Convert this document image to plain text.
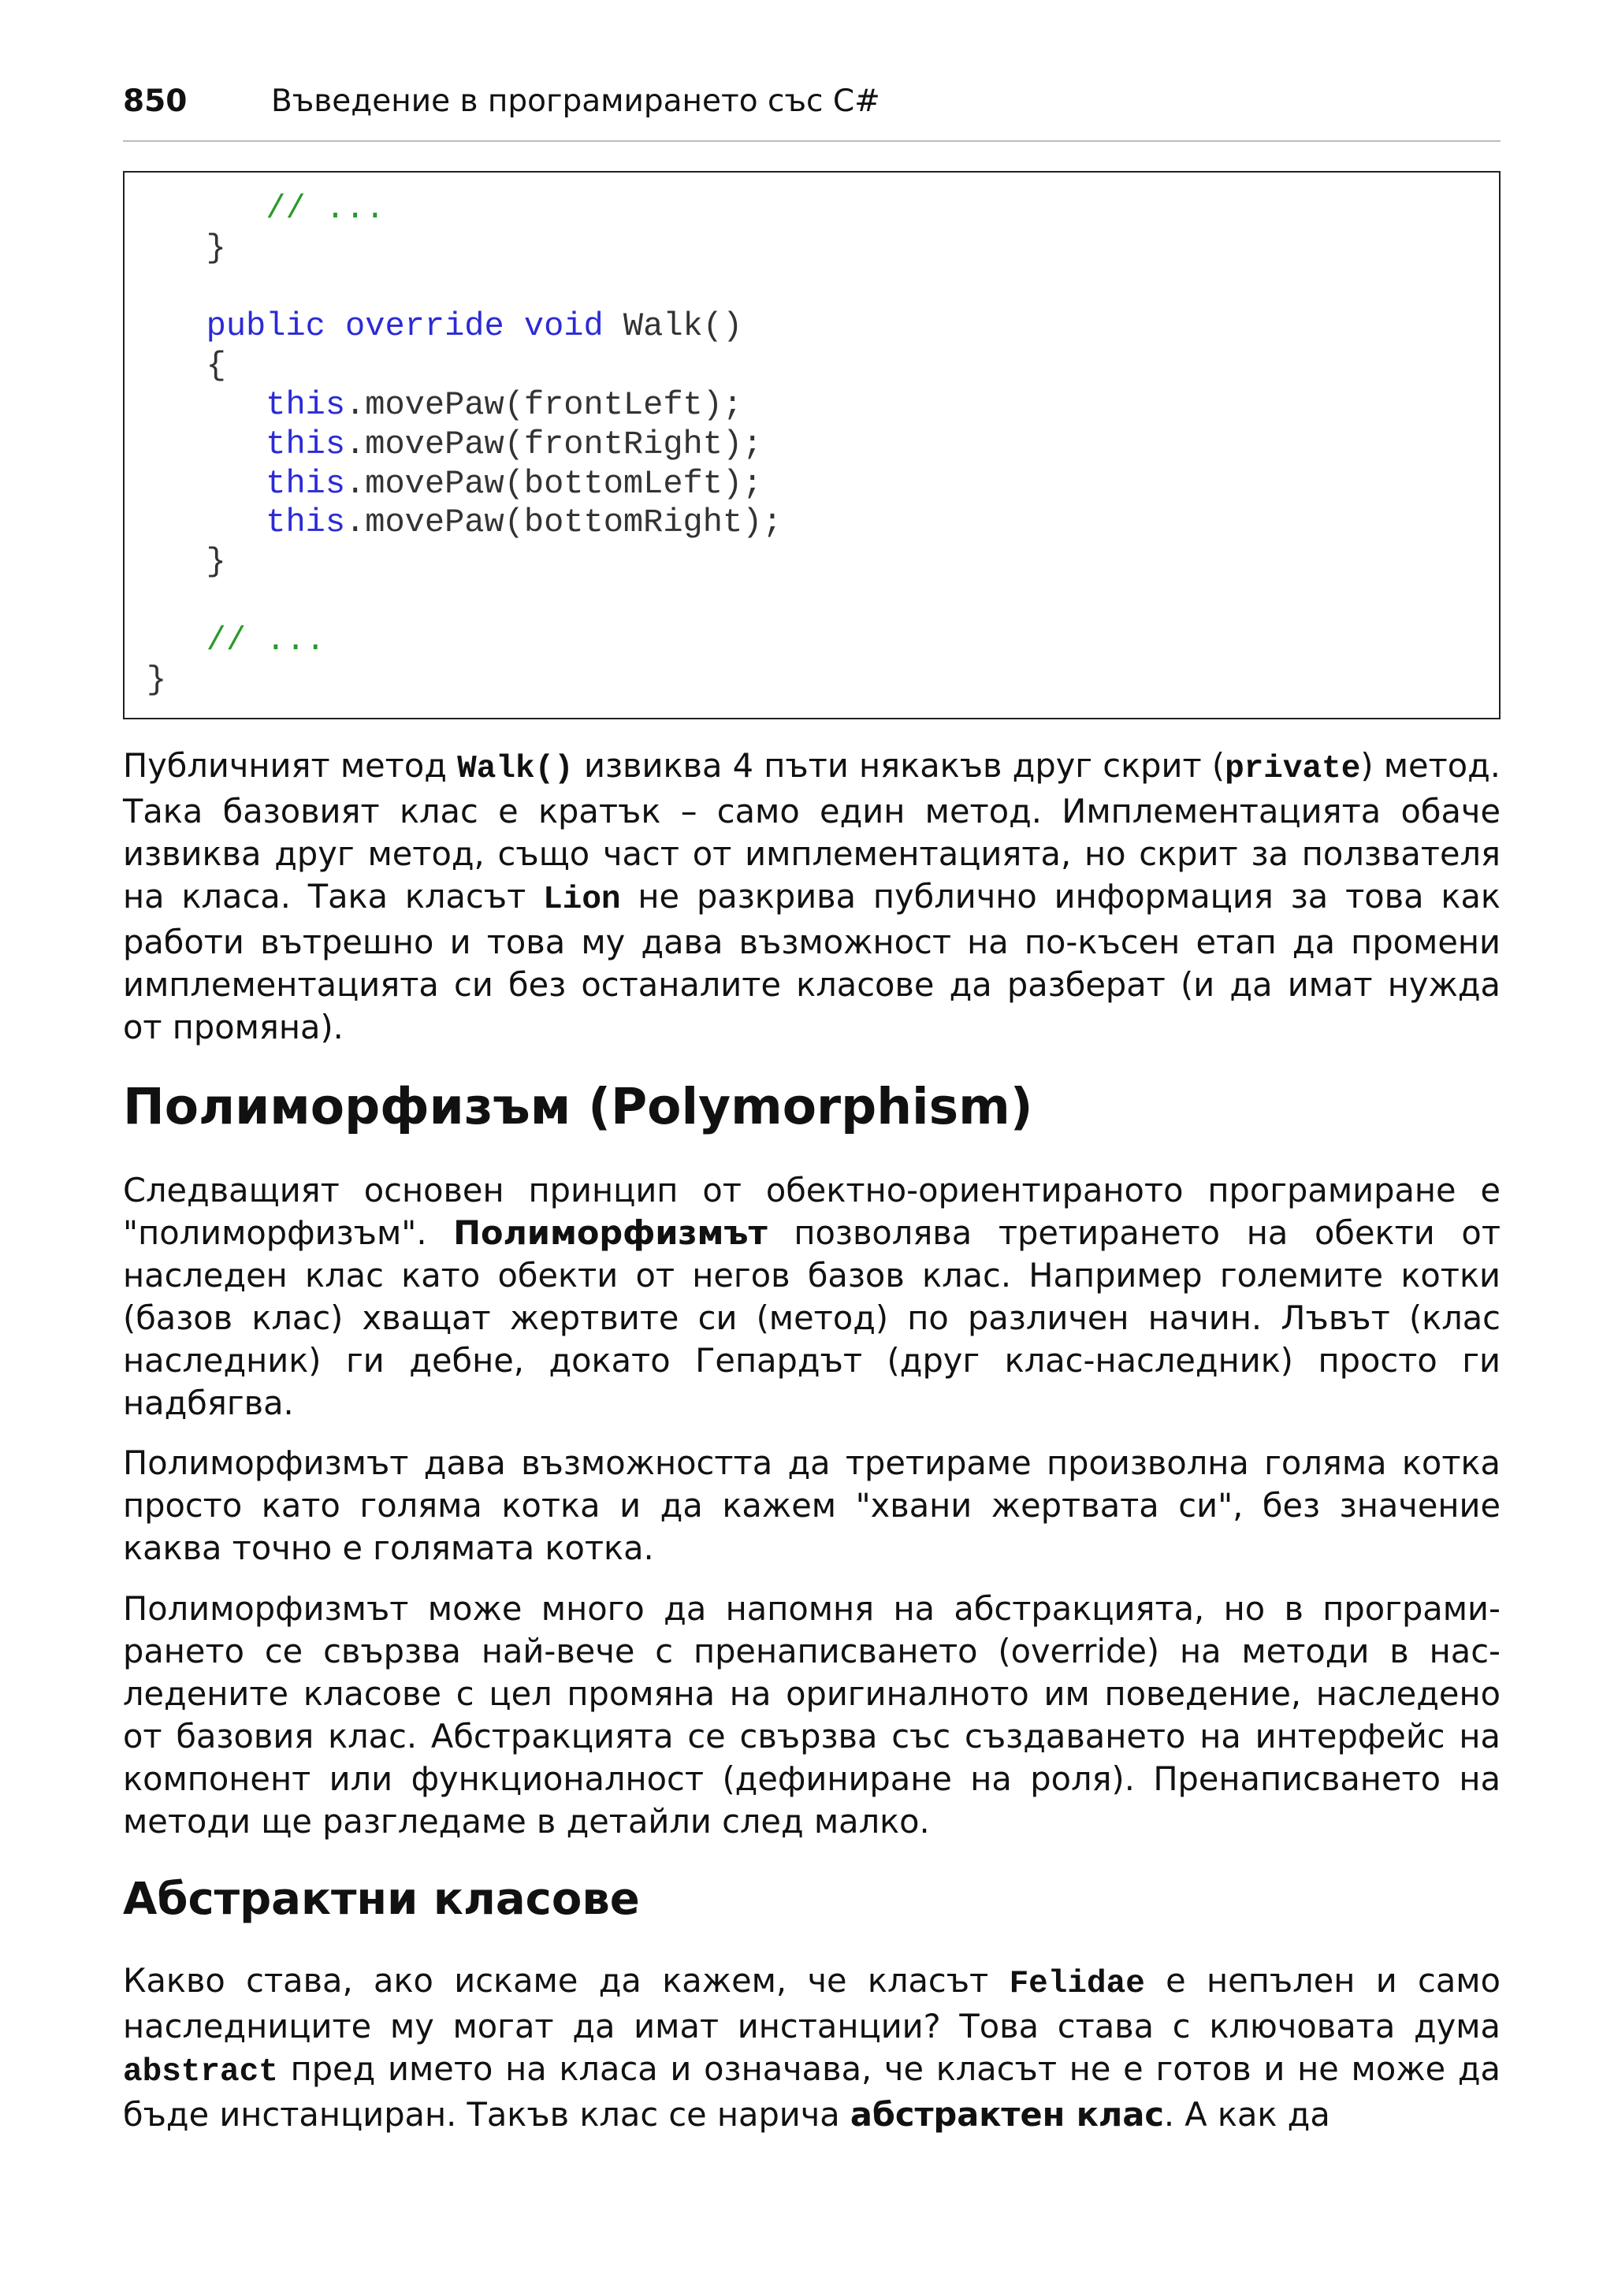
850	Въведение в програмирането със C#
// ...
}

public override void Walk()
{
this.movePaw(frontLeft);
this.movePaw(frontRight);
this.movePaw(bottomLeft);
this.movePaw(bottomRight);
}

// ...
}

Публичният метод Walk() извиква 4 пъти някакъв друг скрит (private) метод. Така базовият клас е кратък – само един метод. Имплементацията обаче извиква друг метод, също част от имплементацията, но скрит за ползвателя на класа. Така класът Lion не разкрива публично информация за това как работи вътрешно и това му дава възможност на по-късен етап да промени имплементацията си без останалите класове да разберат (и да имат нужда от промяна).

Полиморфизъм (Polymorphism)

Следващият основен принцип от обектно-ориентираното програмиране е "полиморфизъм". Полиморфизмът позволява третирането на обекти от наследен клас като обекти от негов базов клас. Например големите котки (базов клас) хващат жертвите си (метод) по различен начин. Лъвът (клас наследник) ги дебне, докато Гепардът (друг клас-наследник) просто ги надбягва.

Полиморфизмът дава възможността да третираме произволна голяма котка просто като голяма котка и да кажем "хвани жертвата си", без значение каква точно е голямата котка.

Полиморфизмът може много да напомня на абстракцията, но в програмирането се свързва най-вече с пренаписването (override) на методи в наследените класове с цел промяна на оригиналното им поведение, наследено от базовия клас. Абстракцията се свързва със създаването на интерфейс на компонент или функционалност (дефиниране на роля). Пренаписването на методи ще разгледаме в детайли след малко.

Абстрактни класове

Какво става, ако искаме да кажем, че класът Felidae е непълен и само наследниците му могат да имат инстанции? Това става с ключовата дума abstract пред името на класа и означава, че класът не е готов и не може да бъде инстанциран. Такъв клас се нарича абстрактен клас. А как да
